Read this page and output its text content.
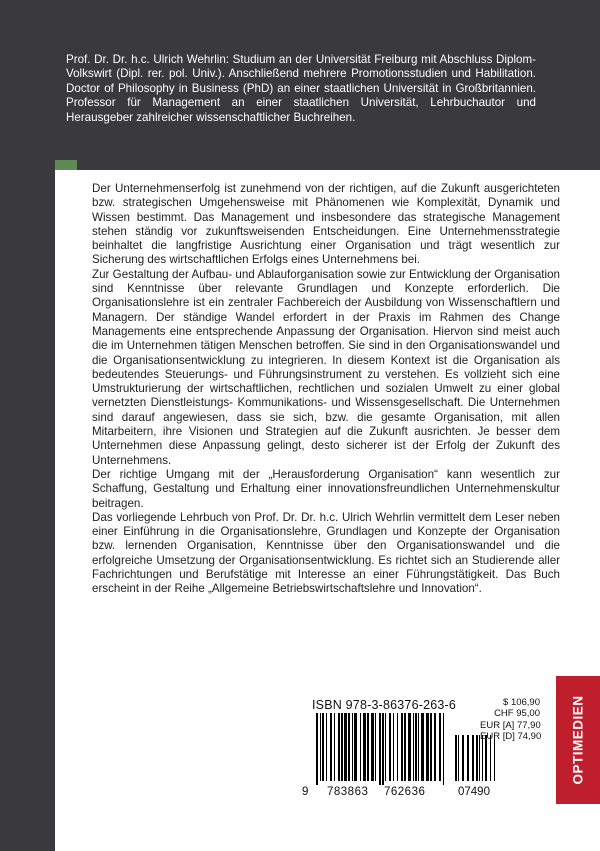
Prof. Dr. Dr. h.c. Ulrich Wehrlin: Studium an der Universität Freiburg mit Abschluss Diplom-Volkswirt (Dipl. rer. pol. Univ.). Anschließend mehrere Promotionsstudien und Habilitation. Doctor of Philosophy in Business (PhD) an einer staatlichen Universität in Großbritannien. Professor für Management an einer staatlichen Universität, Lehrbuchautor und Herausgeber zahlreicher wissenschaftlicher Buchreihen.

Der Unternehmenserfolg ist zunehmend von der richtigen, auf die Zukunft ausgerichteten bzw. strategischen Umgehensweise mit Phänomenen wie Komplexität, Dynamik und Wissen bestimmt. Das Management und insbesondere das strategische Management stehen ständig vor zukunftsweisenden Entscheidungen. Eine Unternehmensstrategie beinhaltet die langfristige Ausrichtung einer Organisation und trägt wesentlich zur Sicherung des wirtschaftlichen Erfolgs eines Unternehmens bei.

Zur Gestaltung der Aufbau- und Ablauforganisation sowie zur Entwicklung der Organisation sind Kenntnisse über relevante Grundlagen und Konzepte erforderlich. Die Organisationslehre ist ein zentraler Fachbereich der Ausbildung von Wissenschaftlern und Managern. Der ständige Wandel erfordert in der Praxis im Rahmen des Change Managements eine entsprechende Anpassung der Organisation. Hiervon sind meist auch die im Unternehmen tätigen Menschen betroffen. Sie sind in den Organisationswandel und die Organisationsentwicklung zu integrieren. In diesem Kontext ist die Organisation als bedeutendes Steuerungs- und Führungsinstrument zu verstehen. Es vollzieht sich eine Umstrukturierung der wirtschaftlichen, rechtlichen und sozialen Umwelt zu einer global vernetzten Dienstleistungs- Kommunikations- und Wissensgesellschaft. Die Unternehmen sind darauf angewiesen, dass sie sich, bzw. die gesamte Organisation, mit allen Mitarbeitern, ihre Visionen und Strategien auf die Zukunft ausrichten. Je besser dem Unternehmen diese Anpassung gelingt, desto sicherer ist der Erfolg der Zukunft des Unternehmens.

Der richtige Umgang mit der „Herausforderung Organisation“ kann wesentlich zur Schaffung, Gestaltung und Erhaltung einer innovationsfreundlichen Unternehmenskultur beitragen.

Das vorliegende Lehrbuch von Prof. Dr. Dr. h.c. Ulrich Wehrlin vermittelt dem Leser neben einer Einführung in die Organisationslehre, Grundlagen und Konzepte der Organisation bzw. lernenden Organisation, Kenntnisse über den Organisationswandel und die erfolgreiche Umsetzung der Organisationsentwicklung. Es richtet sich an Studierende aller Fachrichtungen und Berufstätige mit Interesse an einer Führungstätigkeit. Das Buch erscheint in der Reihe „Allgemeine Betriebswirtschaftslehre und Innovation“.

ISBN 978-3-86376-263-6
9 783863 762636	07490
$ 106,90
CHF 95,00
EUR [A] 77,90
EUR [D] 74,90 OPTIMEDIEN
